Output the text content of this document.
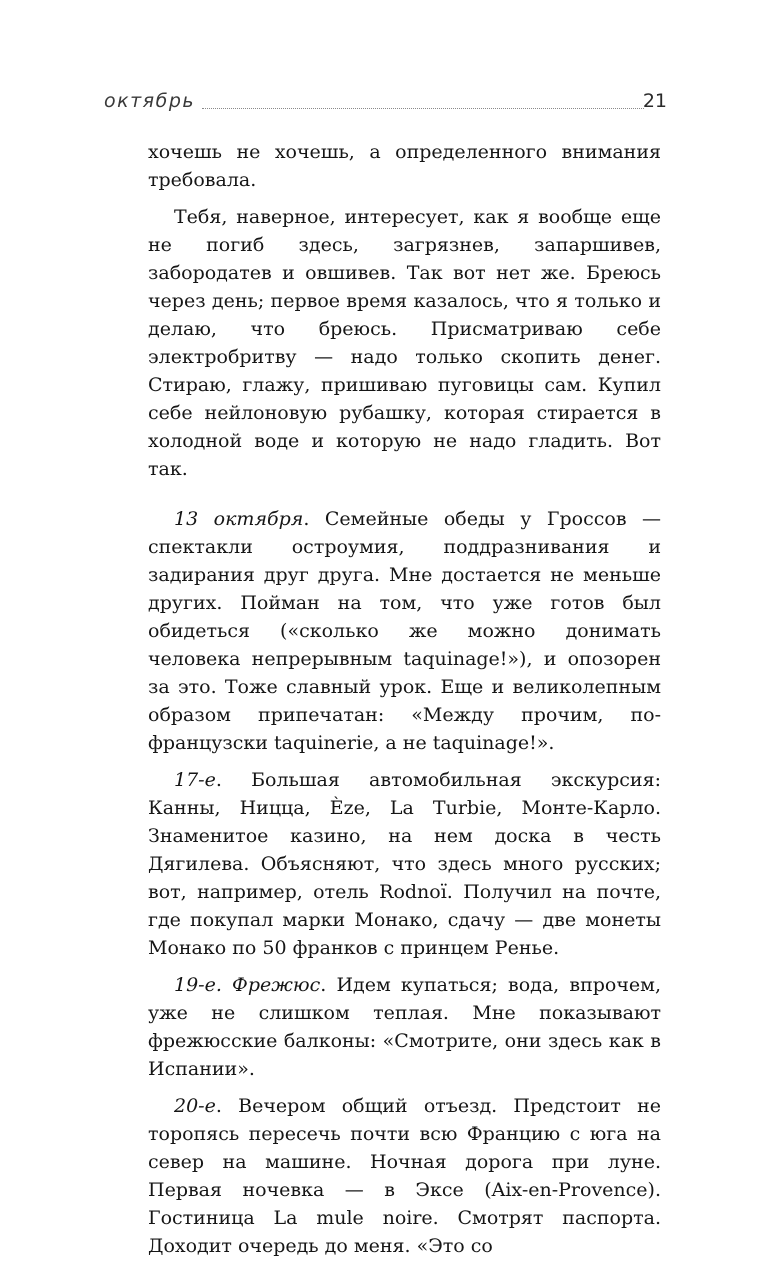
октябрь	21

хочешь не хочешь, а определенного внимания требовала.

Тебя, наверное, интересует, как я вообще еще не погиб здесь, загрязнев, запаршивев, забородатев и овшивев. Так вот нет же. Бреюсь через день; первое время казалось, что я только и делаю, что бреюсь. Присматриваю себе электробритву — надо только скопить денег. Стираю, глажу, пришиваю пуговицы сам. Купил себе нейлоновую рубашку, которая стирается в холодной воде и которую не надо гладить. Вот так.

13 октября. Семейные обеды у Гроссов — спектакли остроумия, поддразнивания и задирания друг друга. Мне достается не меньше других. Пойман на том, что уже готов был обидеться («сколько же можно донимать человека непрерывным taquinage!»), и опозорен за это. Тоже славный урок. Еще и великолепным образом припечатан: «Между прочим, по-французски taquinerie, а не taquinage!».

17-е. Большая автомобильная экскурсия: Канны, Ницца, Èze, La Turbie, Монте-Карло. Знаменитое казино, на нем доска в честь Дягилева. Объясняют, что здесь много русских; вот, например, отель Rodnoï. Получил на почте, где покупал марки Монако, сдачу — две монеты Монако по 50 франков с принцем Ренье.

19-е. Фрежюс. Идем купаться; вода, впрочем, уже не слишком теплая. Мне показывают фрежюсские балконы: «Смотрите, они здесь как в Испании».

20-е. Вечером общий отъезд. Предстоит не торопясь пересечь почти всю Францию с юга на север на машине. Ночная дорога при луне. Первая ночевка — в Эксе (Aix-en-Provence). Гостиница La mule noire. Смотрят паспорта. Доходит очередь до меня. «Это со
